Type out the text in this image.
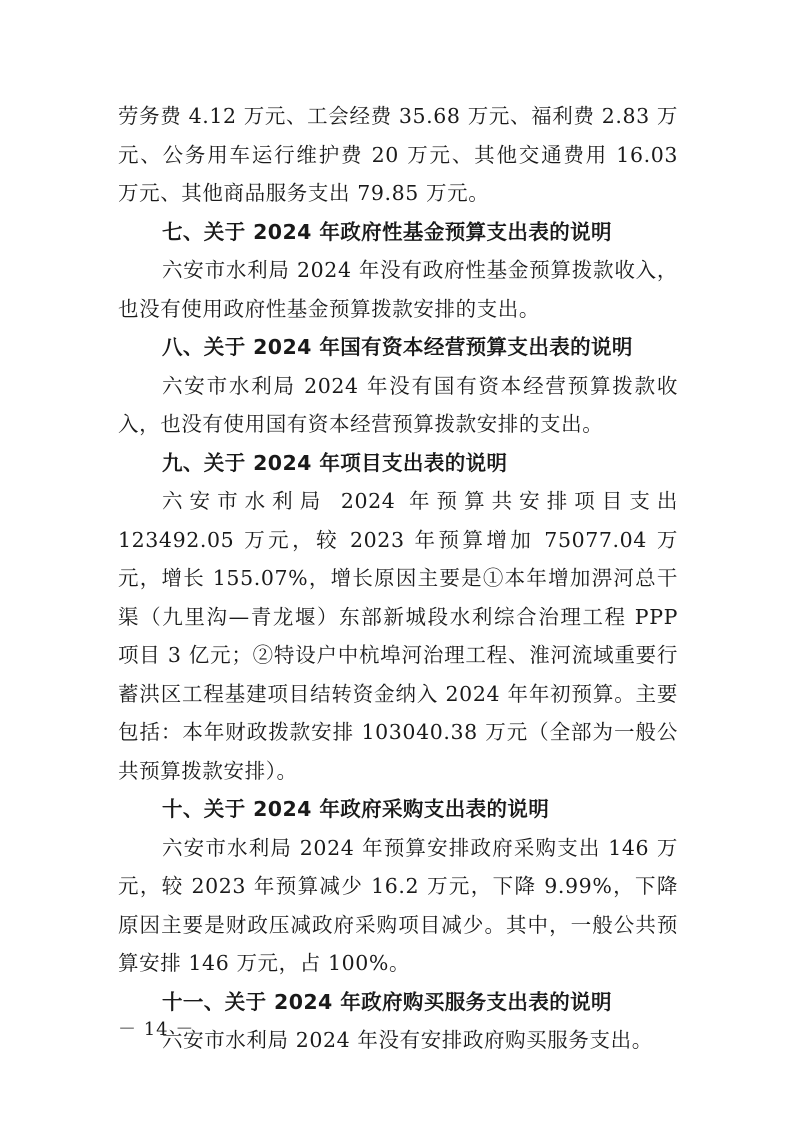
劳务费 4.12 万元、工会经费 35.68 万元、福利费 2.83 万元、公务用车运行维护费 20 万元、其他交通费用 16.03 万元、其他商品服务支出 79.85 万元。

七、关于 2024 年政府性基金预算支出表的说明

六安市水利局 2024 年没有政府性基金预算拨款收入，也没有使用政府性基金预算拨款安排的支出。

八、关于 2024 年国有资本经营预算支出表的说明

六安市水利局 2024 年没有国有资本经营预算拨款收入，也没有使用国有资本经营预算拨款安排的支出。

九、关于 2024 年项目支出表的说明

六安市水利局 2024 年预算共安排项目支出 123492.05 万元，较 2023 年预算增加 75077.04 万元，增长 155.07%，增长原因主要是①本年增加淠河总干渠（九里沟—青龙堰）东部新城段水利综合治理工程 PPP 项目 3 亿元；②特设户中杭埠河治理工程、淮河流域重要行蓄洪区工程基建项目结转资金纳入 2024 年年初预算。主要包括：本年财政拨款安排 103040.38 万元（全部为一般公共预算拨款安排）。

十、关于 2024 年政府采购支出表的说明

六安市水利局 2024 年预算安排政府采购支出 146 万元，较 2023 年预算减少 16.2 万元，下降 9.99%，下降原因主要是财政压减政府采购项目减少。其中，一般公共预算安排 146 万元，占 100%。

十一、关于 2024 年政府购买服务支出表的说明

六安市水利局 2024 年没有安排政府购买服务支出。

－ 14 －
